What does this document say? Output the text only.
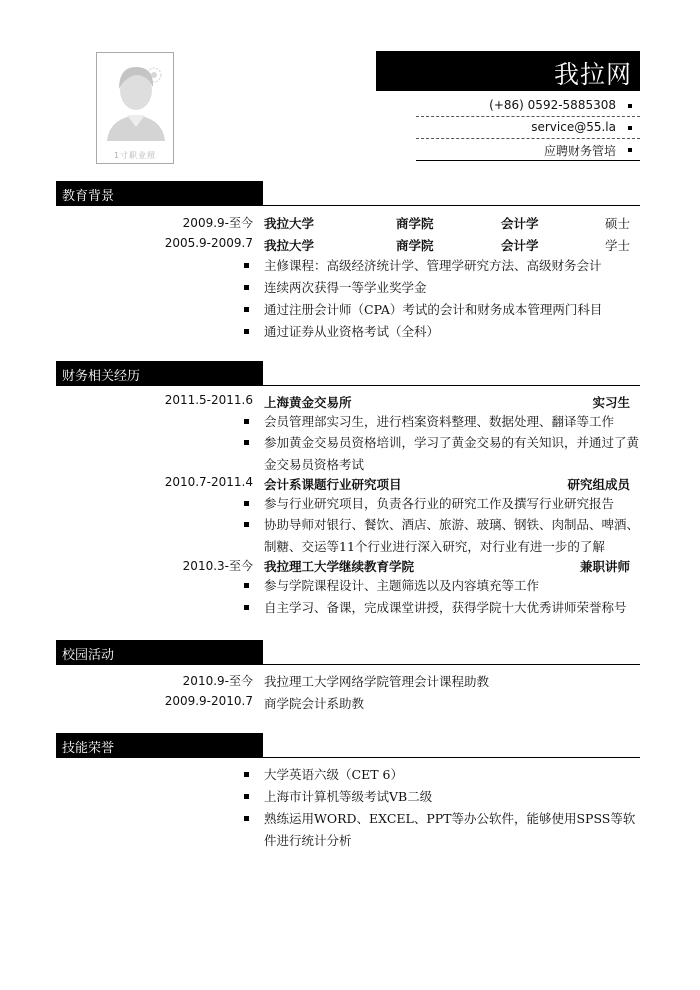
1寸职业照
我拉网
(+86) 0592-5885308
service@55.la
应聘财务管培
教育背景
2009.9-至今 我拉大学	商学院	会计学	硕士
2005.9-2009.7 我拉大学	商学院	会计学	学士
主修课程：高级经济统计学、管理学研究方法、高级财务会计
连续两次获得一等学业奖学金
通过注册会计师（CPA）考试的会计和财务成本管理两门科目
通过证券从业资格考试（全科）
财务相关经历
2011.5-2011.6 上海黄金交易所	实习生
会员管理部实习生，进行档案资料整理、数据处理、翻译等工作
参加黄金交易员资格培训，学习了黄金交易的有关知识，并通过了黄金交易员资格考试
2010.7-2011.4 会计系课题行业研究项目	研究组成员
参与行业研究项目，负责各行业的研究工作及撰写行业研究报告
协助导师对银行、餐饮、酒店、旅游、玻璃、钢铁、肉制品、啤酒、制糖、交运等11个行业进行深入研究，对行业有进一步的了解
2010.3-至今 我拉理工大学继续教育学院	兼职讲师
参与学院课程设计、主题筛选以及内容填充等工作
自主学习、备课，完成课堂讲授，获得学院十大优秀讲师荣誉称号
校园活动
2010.9-至今 我拉理工大学网络学院管理会计课程助教
2009.9-2010.7 商学院会计系助教
技能荣誉
大学英语六级（CET 6）
上海市计算机等级考试VB二级
熟练运用WORD、EXCEL、PPT等办公软件，能够使用SPSS等软件进行统计分析
